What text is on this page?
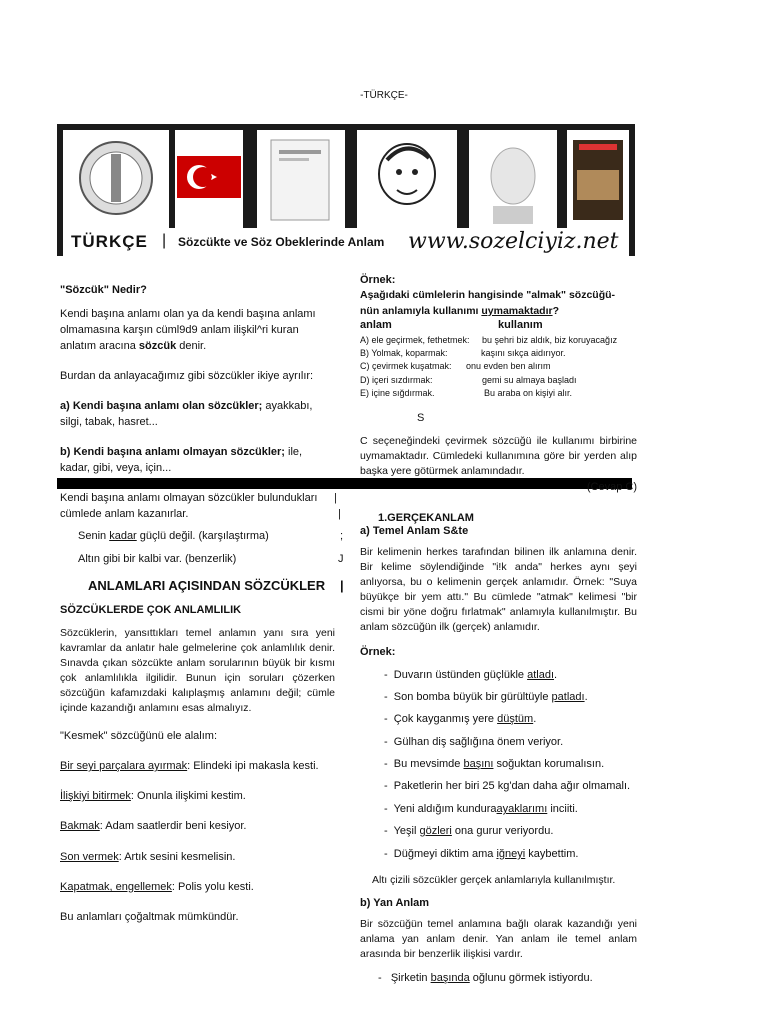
-TÜRKÇE-
TÜRKÇE | Sözcükte ve Söz Obeklerinde Anlam www.sozelciyiz.net
"Sözcük" Nedir?
Kendi başına anlamı olan ya da kendi başına anlamı olmamasına karşın cüml9d9 anlam ilişkil^ri kuran anlatım aracına sözcük denir.
Burdan da anlayacağımız gibi sözcükler ikiye ayrılır:
a) Kendi başına anlamı olan sözcükler; ayakkabı, silgi, tabak, hasret...
b) Kendi başına anlamı olmayan sözcükler; ile, kadar, gibi, veya, için...
Kendi başına anlamı olmayan sözcükler bulundukları
cümlede anlam kazanırlar.
|
|
Senin kadar güçlü değil. (karşılaştırma)	;
Altın gibi bir kalbi var. (benzerlik)	J
ANLAMLARI AÇISINDAN SÖZCÜKLER |
SÖZCÜKLERDE ÇOK ANLAMLILIK
Sözcüklerin, yansıttıkları temel anlamın yanı sıra yeni kavramlar da anlatır hale gelmelerine çok anlamlılık denir. Sınavda çıkan sözcükte anlam sorularının büyük bir kısmı çok anlamlılıkla ilgilidir. Bunun için soruları çözerken sözcüğün kafamızdaki kalıplaşmış anlamını değil; cümle içinde kazandığı anlamını esas almalıyız.
"Kesmek" sözcüğünü ele alalım:
Bir seyi parçalara ayırmak: Elindeki ipi makasla kesti.
İlişkiyi bitirmek: Onunla ilişkimi kestim.
Bakmak: Adam saatlerdir beni kesiyor.
Son vermek: Artık sesini kesmelisin.
Kapatmak, engellemek: Polis yolu kesti.
Bu anlamları çoğaltmak mümkündür.
Örnek:
Aşağıdaki cümlelerin hangisinde "almak" sözcüğü-
nün anlamıyla kullanımı uymamaktadır?
anlam	kullanım
A) ele geçirmek, fethetmek: bu şehri biz aldık, biz koruyacağız
B) Yolmak, koparmak:	kaşını sıkça aidırıyor.
C) çevirmek kuşatmak: onu evden ben alırım
D) içeri sızdırmak:	gemi su almaya başladı
E) içine sığdırmak.	Bu araba on kişiyi alır.
S
C seçeneğindeki çevirmek sözcüğü ile kullanımı birbirine uymamaktadır. Cümledeki kullanımına göre bir yerden alıp başka yere götürmek anlamındadır.
(Cevap C)
1.GERÇEKANLAM
a) Temel Anlam S&te
Bir kelimenin herkes tarafından bilinen ilk anlamına denir. Bir kelime söylendiğinde "i!k anda" herkes aynı şeyi anlıyorsa, bu o kelimenin gerçek anlamıdır. Örnek: "Suya büyükçe bir yem attı." Bu cümlede "atmak" kelimesi "bir cismi bir yöne doğru fırlatmak" anlamıyla kullanılmıştır. Bu anlam sözcüğün ilk (gerçek) anlamıdır.
Örnek:
-  Duvarın üstünden güçlükle atladı.
-  Son bomba büyük bir gürültüyle patladı.
-  Çok kayganmış yere düştüm.
-  Gülhan diş sağlığına önem veriyor.
-  Bu mevsimde başını soğuktan korumalısın.
-  Paketlerin her biri 25 kg'dan daha ağır olmamalı.
-  Yeni aldığım kunduraayaklarımı inciiti.
-  Yeşil gözleri ona gurur veriyordu.
-  Düğmeyi diktim ama iğneyi kaybettim.
Altı çizili sözcükler gerçek anlamlarıyla kullanılmıştır.
b) Yan Anlam
Bir sözcüğün temel anlamına bağlı olarak kazandığı yeni anlama yan anlam denir. Yan anlam ile temel anlam arasında bir benzerlik ilişkisi vardır.
-   Şirketin başında oğlunu görmek istiyordu.
